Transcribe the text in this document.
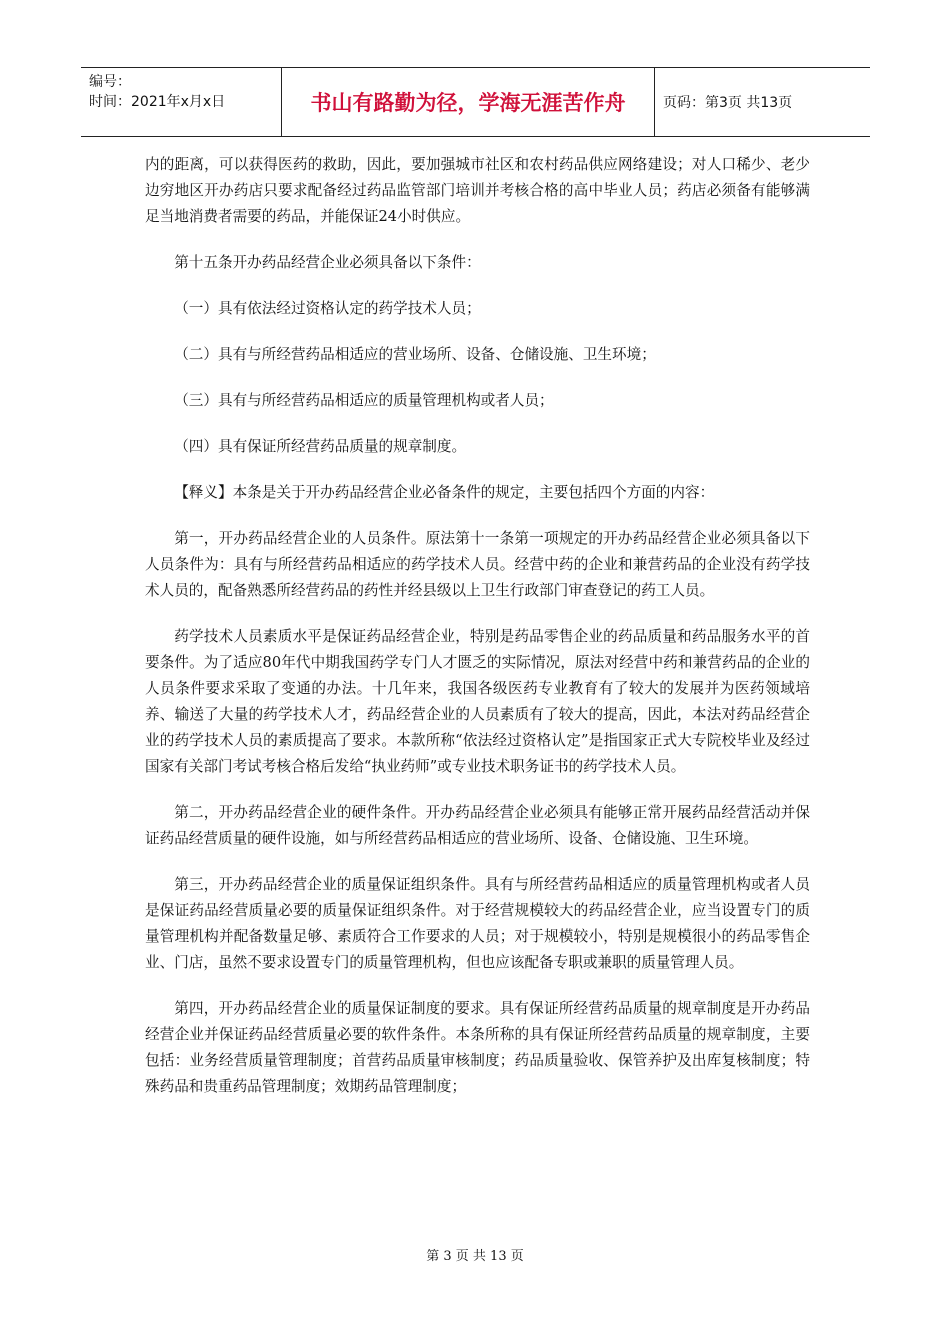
编号：
时间：2021年x月x日	书山有路勤为径，学海无涯苦作舟	页码：第3页 共13页

内的距离，可以获得医药的救助，因此，要加强城市社区和农村药品供应网络建设；对人口稀少、老少边穷地区开办药店只要求配备经过药品监管部门培训并考核合格的高中毕业人员；药店必须备有能够满足当地消费者需要的药品，并能保证24小时供应。

第十五条开办药品经营企业必须具备以下条件：

（一）具有依法经过资格认定的药学技术人员；

（二）具有与所经营药品相适应的营业场所、设备、仓储设施、卫生环境；

（三）具有与所经营药品相适应的质量管理机构或者人员；

（四）具有保证所经营药品质量的规章制度。

【释义】本条是关于开办药品经营企业必备条件的规定，主要包括四个方面的内容：

第一，开办药品经营企业的人员条件。原法第十一条第一项规定的开办药品经营企业必须具备以下人员条件为：具有与所经营药品相适应的药学技术人员。经营中药的企业和兼营药品的企业没有药学技术人员的，配备熟悉所经营药品的药性并经县级以上卫生行政部门审查登记的药工人员。

药学技术人员素质水平是保证药品经营企业，特别是药品零售企业的药品质量和药品服务水平的首要条件。为了适应80年代中期我国药学专门人才匮乏的实际情况，原法对经营中药和兼营药品的企业的人员条件要求采取了变通的办法。十几年来，我国各级医药专业教育有了较大的发展并为医药领域培养、输送了大量的药学技术人才，药品经营企业的人员素质有了较大的提高，因此，本法对药品经营企业的药学技术人员的素质提高了要求。本款所称“依法经过资格认定”是指国家正式大专院校毕业及经过国家有关部门考试考核合格后发给“执业药师”或专业技术职务证书的药学技术人员。

第二，开办药品经营企业的硬件条件。开办药品经营企业必须具有能够正常开展药品经营活动并保证药品经营质量的硬件设施，如与所经营药品相适应的营业场所、设备、仓储设施、卫生环境。

第三，开办药品经营企业的质量保证组织条件。具有与所经营药品相适应的质量管理机构或者人员是保证药品经营质量必要的质量保证组织条件。对于经营规模较大的药品经营企业，应当设置专门的质量管理机构并配备数量足够、素质符合工作要求的人员；对于规模较小，特别是规模很小的药品零售企业、门店，虽然不要求设置专门的质量管理机构，但也应该配备专职或兼职的质量管理人员。

第四，开办药品经营企业的质量保证制度的要求。具有保证所经营药品质量的规章制度是开办药品经营企业并保证药品经营质量必要的软件条件。本条所称的具有保证所经营药品质量的规章制度，主要包括：业务经营质量管理制度；首营药品质量审核制度；药品质量验收、保管养护及出库复核制度；特殊药品和贵重药品管理制度；效期药品管理制度；

第 3 页 共 13 页
